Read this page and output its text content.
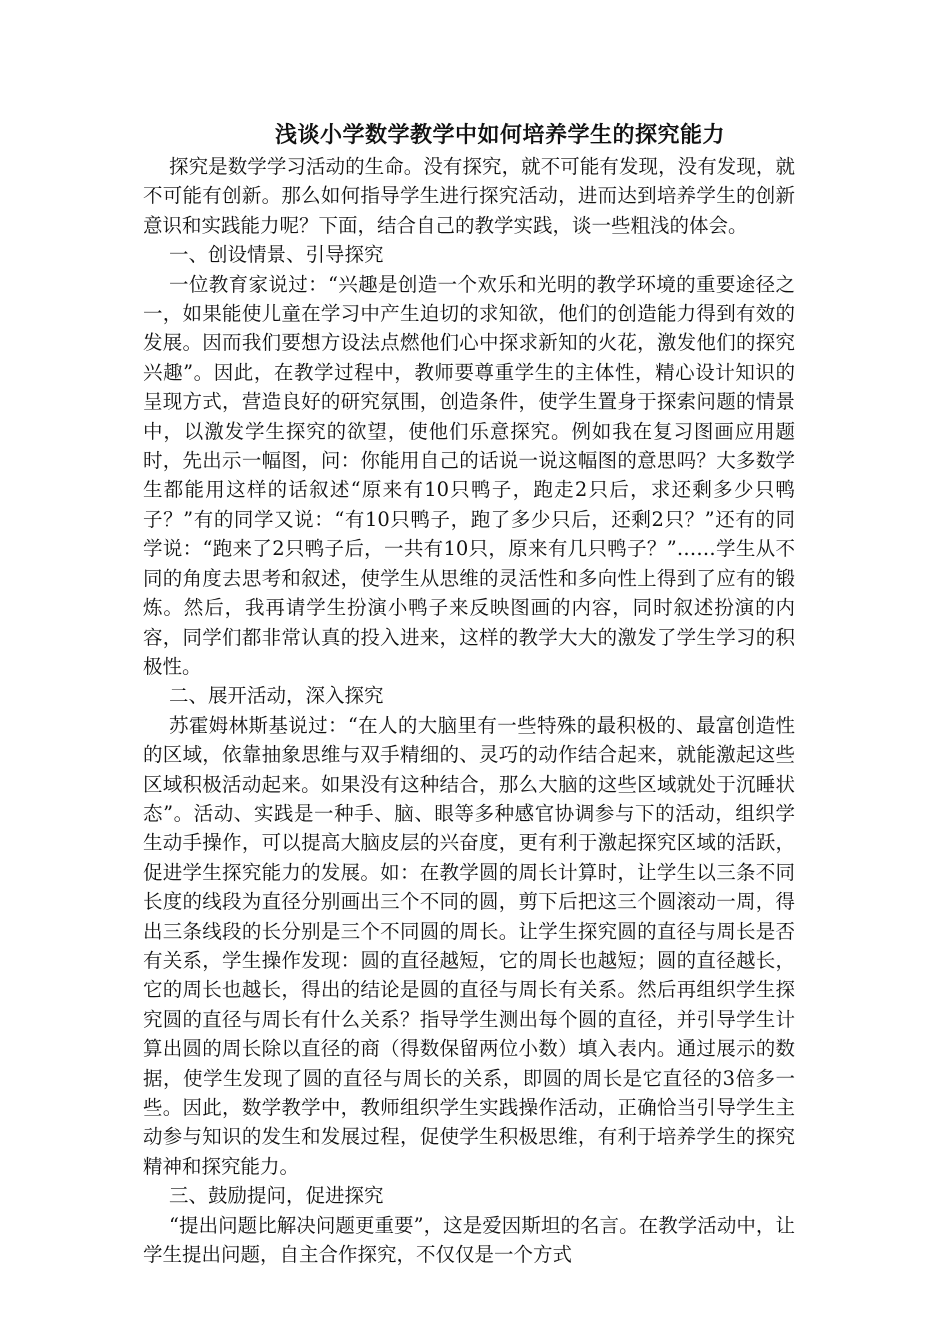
浅谈小学数学教学中如何培养学生的探究能力

探究是数学学习活动的生命。没有探究，就不可能有发现，没有发现，就不可能有创新。那么如何指导学生进行探究活动，进而达到培养学生的创新意识和实践能力呢？下面，结合自己的教学实践，谈一些粗浅的体会。

一、创设情景、引导探究

一位教育家说过：“兴趣是创造一个欢乐和光明的教学环境的重要途径之一，如果能使儿童在学习中产生迫切的求知欲，他们的创造能力得到有效的发展。因而我们要想方设法点燃他们心中探求新知的火花，激发他们的探究兴趣”。因此，在教学过程中，教师要尊重学生的主体性，精心设计知识的呈现方式，营造良好的研究氛围，创造条件，使学生置身于探索问题的情景中，以激发学生探究的欲望，使他们乐意探究。例如我在复习图画应用题时，先出示一幅图，问：你能用自己的话说一说这幅图的意思吗？大多数学生都能用这样的话叙述“原来有10只鸭子，跑走2只后，求还剩多少只鸭子？”有的同学又说：“有10只鸭子，跑了多少只后，还剩2只？”还有的同学说：“跑来了2只鸭子后，一共有10只，原来有几只鸭子？”……学生从不同的角度去思考和叙述，使学生从思维的灵活性和多向性上得到了应有的锻炼。然后，我再请学生扮演小鸭子来反映图画的内容，同时叙述扮演的内容，同学们都非常认真的投入进来，这样的教学大大的激发了学生学习的积极性。

二、展开活动，深入探究

苏霍姆林斯基说过：“在人的大脑里有一些特殊的最积极的、最富创造性的区域，依靠抽象思维与双手精细的、灵巧的动作结合起来，就能激起这些区域积极活动起来。如果没有这种结合，那么大脑的这些区域就处于沉睡状态”。活动、实践是一种手、脑、眼等多种感官协调参与下的活动，组织学生动手操作，可以提高大脑皮层的兴奋度，更有利于激起探究区域的活跃，促进学生探究能力的发展。如：在教学圆的周长计算时，让学生以三条不同长度的线段为直径分别画出三个不同的圆，剪下后把这三个圆滚动一周，得出三条线段的长分别是三个不同圆的周长。让学生探究圆的直径与周长是否有关系，学生操作发现：圆的直径越短，它的周长也越短；圆的直径越长，它的周长也越长，得出的结论是圆的直径与周长有关系。然后再组织学生探究圆的直径与周长有什么关系？指导学生测出每个圆的直径，并引导学生计算出圆的周长除以直径的商（得数保留两位小数）填入表内。通过展示的数据，使学生发现了圆的直径与周长的关系，即圆的周长是它直径的3倍多一些。因此，数学教学中，教师组织学生实践操作活动，正确恰当引导学生主动参与知识的发生和发展过程，促使学生积极思维，有利于培养学生的探究精神和探究能力。

三、鼓励提问，促进探究

“提出问题比解决问题更重要”，这是爱因斯坦的名言。在教学活动中，让学生提出问题，自主合作探究，不仅仅是一个方式
